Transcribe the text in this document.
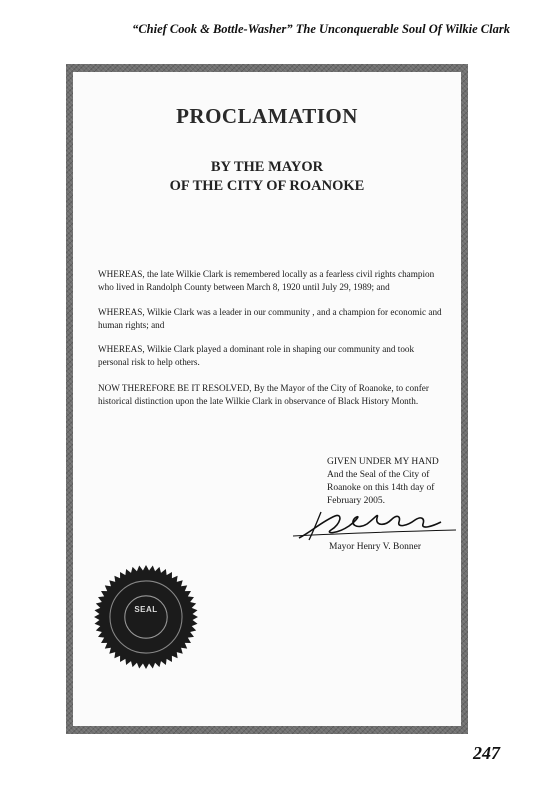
“Chief Cook & Bottle-Washer” The Unconquerable Soul Of Wilkie Clark
PROCLAMATION
BY THE MAYOR
OF THE CITY OF ROANOKE
WHEREAS, the late Wilkie Clark is remembered locally as a fearless civil rights champion who lived in Randolph County between March 8, 1920 until July 29, 1989; and
WHEREAS, Wilkie Clark was a leader in our community , and a champion for economic and human rights; and
WHEREAS, Wilkie Clark played a dominant role in shaping our community and took personal risk to help others.
NOW THEREFORE BE IT RESOLVED, By the Mayor of the City of Roanoke, to confer historical distinction upon the late Wilkie Clark in observance of Black History Month.
GIVEN UNDER MY HAND
And the Seal of the City of
Roanoke on this 14th day of
February 2005.
Mayor Henry V. Bonner
SEAL
247
